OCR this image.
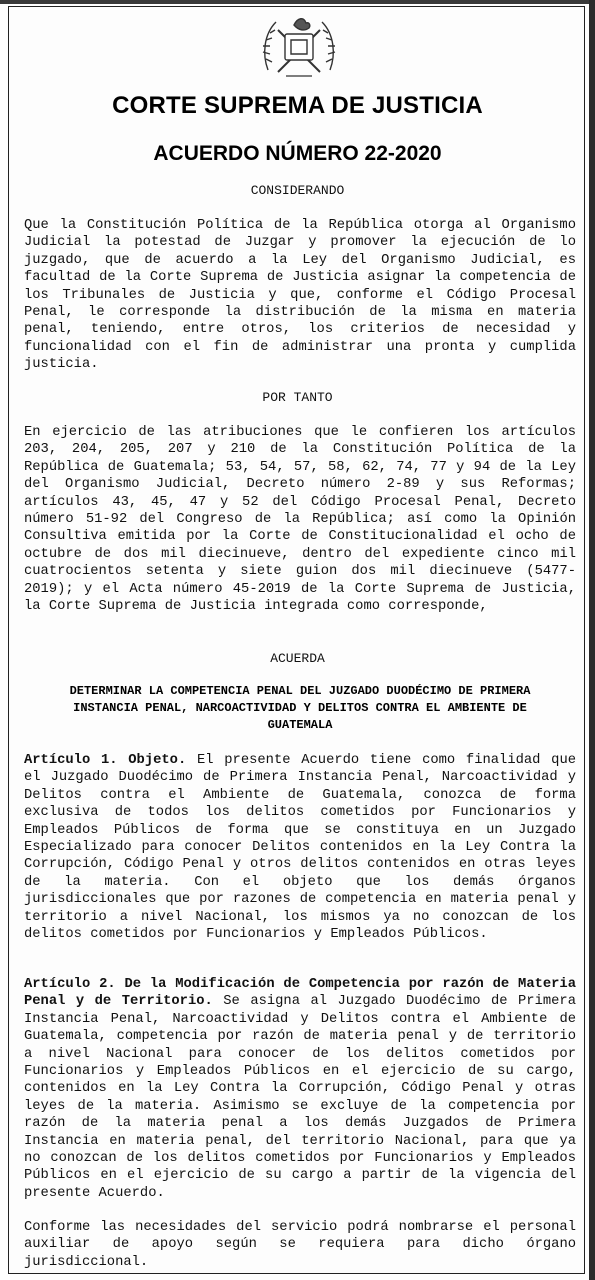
CORTE SUPREMA DE JUSTICIA
ACUERDO NÚMERO 22-2020
CONSIDERANDO
Que la Constitución Política de la República otorga al Organismo Judicial la potestad de Juzgar y promover la ejecución de lo juzgado, que de acuerdo a la Ley del Organismo Judicial, es facultad de la Corte Suprema de Justicia asignar la competencia de los Tribunales de Justicia y que, conforme el Código Procesal Penal, le corresponde la distribución de la misma en materia penal, teniendo, entre otros, los criterios de necesidad y funcionalidad con el fin de administrar una pronta y cumplida justicia.
POR TANTO
En ejercicio de las atribuciones que le confieren los artículos 203, 204, 205, 207 y 210 de la Constitución Política de la República de Guatemala; 53, 54, 57, 58, 62, 74, 77 y 94 de la Ley del Organismo Judicial, Decreto número 2-89 y sus Reformas; artículos 43, 45, 47 y 52 del Código Procesal Penal, Decreto número 51-92 del Congreso de la República; así como la Opinión Consultiva emitida por la Corte de Constitucionalidad el ocho de octubre de dos mil diecinueve, dentro del expediente cinco mil cuatrocientos setenta y siete guion dos mil diecinueve (5477-2019); y el Acta número 45-2019 de la Corte Suprema de Justicia, la Corte Suprema de Justicia integrada como corresponde,
ACUERDA
DETERMINAR LA COMPETENCIA PENAL DEL JUZGADO DUODÉCIMO DE PRIMERA INSTANCIA PENAL, NARCOACTIVIDAD Y DELITOS CONTRA EL AMBIENTE DE GUATEMALA
Artículo 1. Objeto. El presente Acuerdo tiene como finalidad que el Juzgado Duodécimo de Primera Instancia Penal, Narcoactividad y Delitos contra el Ambiente de Guatemala, conozca de forma exclusiva de todos los delitos cometidos por Funcionarios y Empleados Públicos de forma que se constituya en un Juzgado Especializado para conocer Delitos contenidos en la Ley Contra la Corrupción, Código Penal y otros delitos contenidos en otras leyes de la materia. Con el objeto que los demás órganos jurisdiccionales que por razones de competencia en materia penal y territorio a nivel Nacional, los mismos ya no conozcan de los delitos cometidos por Funcionarios y Empleados Públicos.
Artículo 2. De la Modificación de Competencia por razón de Materia Penal y de Territorio. Se asigna al Juzgado Duodécimo de Primera Instancia Penal, Narcoactividad y Delitos contra el Ambiente de Guatemala, competencia por razón de materia penal y de territorio a nivel Nacional para conocer de los delitos cometidos por Funcionarios y Empleados Públicos en el ejercicio de su cargo, contenidos en la Ley Contra la Corrupción, Código Penal y otras leyes de la materia. Asimismo se excluye de la competencia por razón de la materia penal a los demás Juzgados de Primera Instancia en materia penal, del territorio Nacional, para que ya no conozcan de los delitos cometidos por Funcionarios y Empleados Públicos en el ejercicio de su cargo a partir de la vigencia del presente Acuerdo.
Conforme las necesidades del servicio podrá nombrarse el personal auxiliar de apoyo según se requiera para dicho órgano jurisdiccional.
